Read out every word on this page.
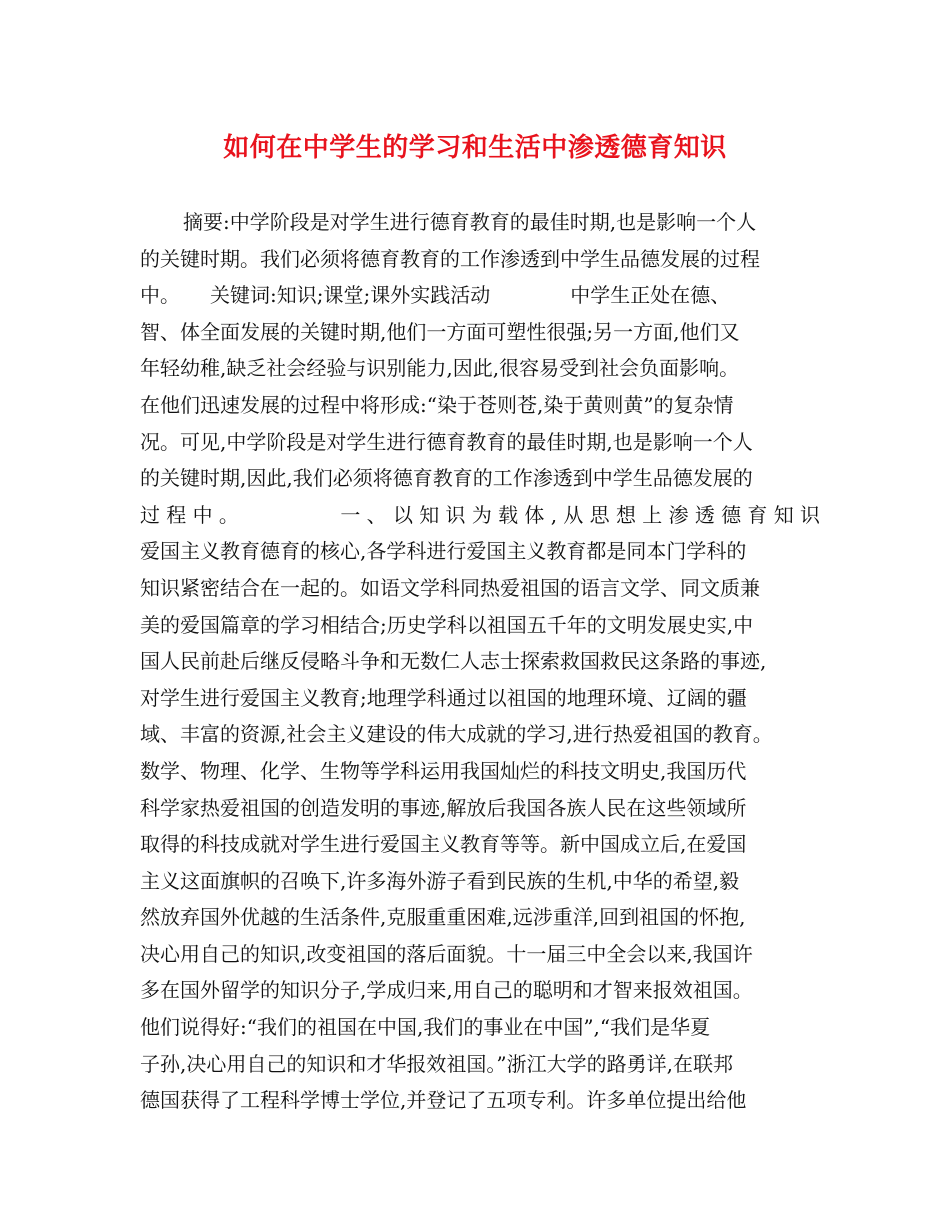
如何在中学生的学习和生活中渗透德育知识
摘要:中学阶段是对学生进行德育教育的最佳时期,也是影响一个人
的关键时期。我们必须将德育教育的工作渗透到中学生品德发展的过程
中。　　关键词:知识;课堂;课外实践活动　　　　中学生正处在德、
智、体全面发展的关键时期,他们一方面可塑性很强;另一方面,他们又
年轻幼稚,缺乏社会经验与识别能力,因此,很容易受到社会负面影响。
在他们迅速发展的过程中将形成:“染于苍则苍,染于黄则黄”的复杂情
况。可见,中学阶段是对学生进行德育教育的最佳时期,也是影响一个人
的关键时期,因此,我们必须将德育教育的工作渗透到中学生品德发展的
过程中。　　　　一、以知识为载体,从思想上渗透德育知识
爱国主义教育德育的核心,各学科进行爱国主义教育都是同本门学科的
知识紧密结合在一起的。如语文学科同热爱祖国的语言文学、同文质兼
美的爱国篇章的学习相结合;历史学科以祖国五千年的文明发展史实,中
国人民前赴后继反侵略斗争和无数仁人志士探索救国救民这条路的事迹,
对学生进行爱国主义教育;地理学科通过以祖国的地理环境、辽阔的疆
域、丰富的资源,社会主义建设的伟大成就的学习,进行热爱祖国的教育。
数学、物理、化学、生物等学科运用我国灿烂的科技文明史,我国历代
科学家热爱祖国的创造发明的事迹,解放后我国各族人民在这些领域所
取得的科技成就对学生进行爱国主义教育等等。新中国成立后,在爱国
主义这面旗帜的召唤下,许多海外游子看到民族的生机,中华的希望,毅
然放弃国外优越的生活条件,克服重重困难,远涉重洋,回到祖国的怀抱,
决心用自己的知识,改变祖国的落后面貌。十一届三中全会以来,我国许
多在国外留学的知识分子,学成归来,用自己的聪明和才智来报效祖国。
他们说得好:“我们的祖国在中国,我们的事业在中国”,“我们是华夏
子孙,决心用自己的知识和才华报效祖国。”浙江大学的路勇详,在联邦
德国获得了工程科学博士学位,并登记了五项专利。许多单位提出给他
